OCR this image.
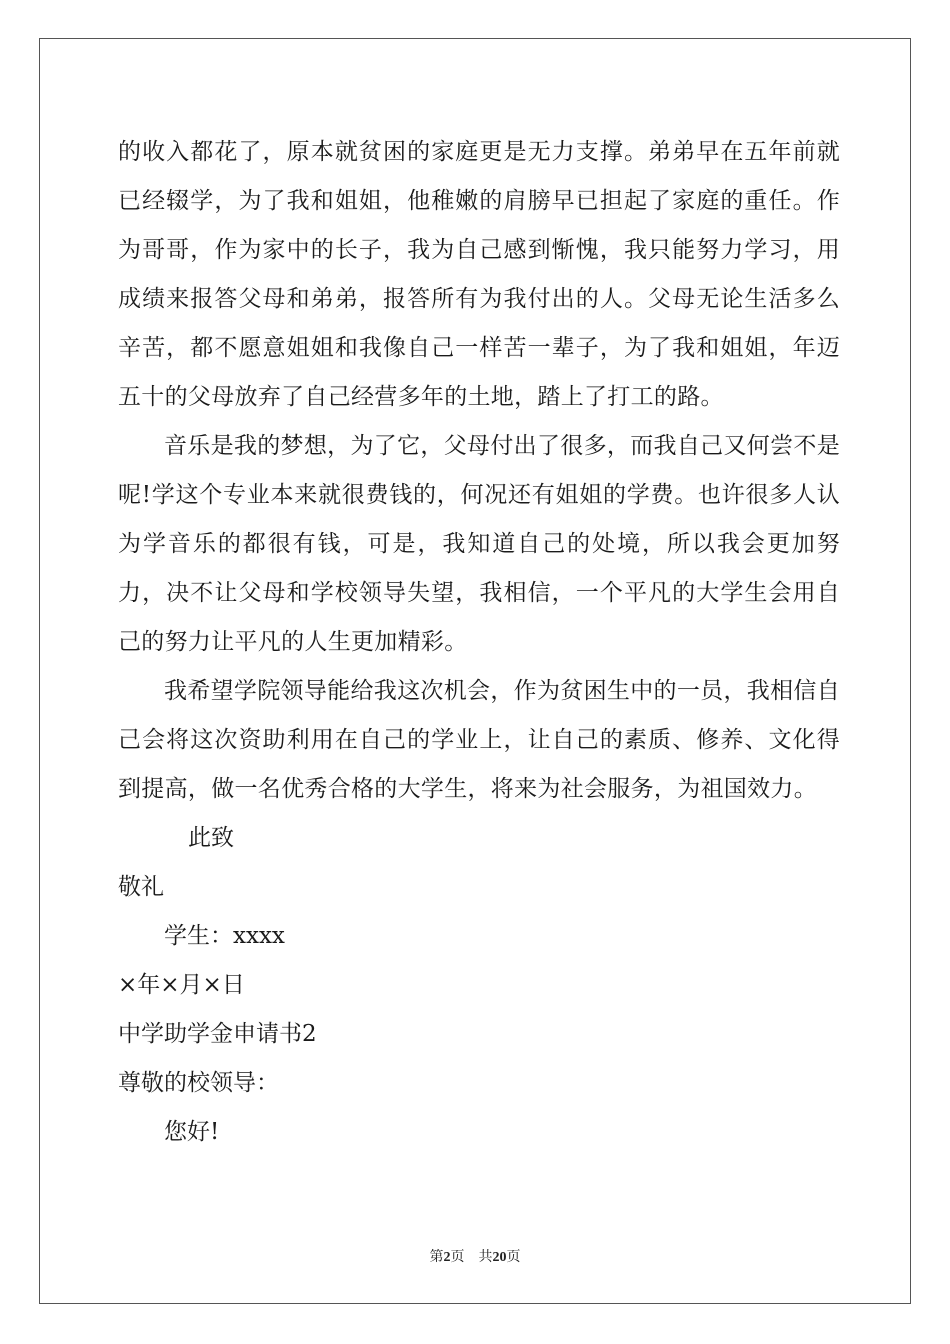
的收入都花了，原本就贫困的家庭更是无力支撑。弟弟早在五年前就已经辍学，为了我和姐姐，他稚嫩的肩膀早已担起了家庭的重任。作为哥哥，作为家中的长子，我为自己感到惭愧，我只能努力学习，用成绩来报答父母和弟弟，报答所有为我付出的人。父母无论生活多么辛苦，都不愿意姐姐和我像自己一样苦一辈子，为了我和姐姐，年迈五十的父母放弃了自己经营多年的土地，踏上了打工的路。

音乐是我的梦想，为了它，父母付出了很多，而我自己又何尝不是呢!学这个专业本来就很费钱的，何况还有姐姐的学费。也许很多人认为学音乐的都很有钱，可是，我知道自己的处境，所以我会更加努力，决不让父母和学校领导失望，我相信，一个平凡的大学生会用自己的努力让平凡的人生更加精彩。

我希望学院领导能给我这次机会，作为贫困生中的一员，我相信自己会将这次资助利用在自己的学业上，让自己的素质、修养、文化得到提高，做一名优秀合格的大学生，将来为社会服务，为祖国效力。

此致

敬礼

学生：xxxx

×年×月×日

中学助学金申请书2

尊敬的校领导：

您好!

第2页 共20页
